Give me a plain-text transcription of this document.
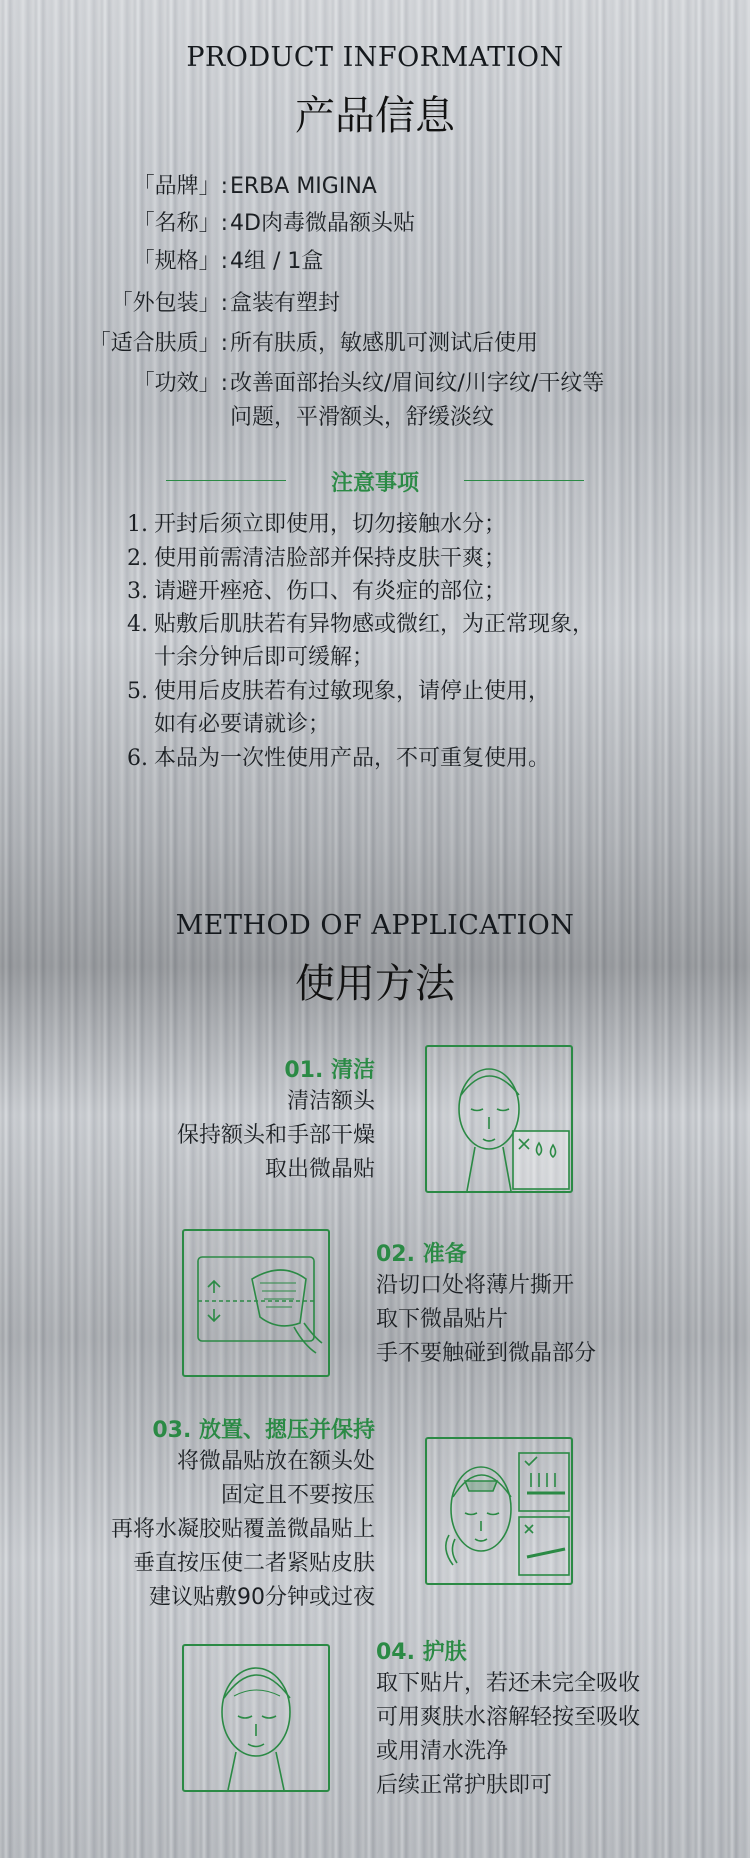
PRODUCT INFORMATION
产品信息
「品牌」: ERBA MIGINA
「名称」: 4D肉毒微晶额头贴
「规格」: 4组 / 1盒
「外包装」: 盒装有塑封
「适合肤质」: 所有肤质，敏感肌可测试后使用
「功效」: 改善面部抬头纹/眉间纹/川字纹/干纹等
问题，平滑额头，舒缓淡纹
注意事项
1. 开封后须立即使用，切勿接触水分；
2. 使用前需清洁脸部并保持皮肤干爽；
3. 请避开痤疮、伤口、有炎症的部位；
4. 贴敷后肌肤若有异物感或微红，为正常现象，
十余分钟后即可缓解；
5. 使用后皮肤若有过敏现象，请停止使用，
如有必要请就诊；
6. 本品为一次性使用产品，不可重复使用。
METHOD OF APPLICATION
使用方法
01. 清洁
清洁额头
保持额头和手部干燥
取出微晶贴
02. 准备
沿切口处将薄片撕开
取下微晶贴片
手不要触碰到微晶部分
03. 放置、摁压并保持
将微晶贴放在额头处
固定且不要按压
再将水凝胶贴覆盖微晶贴上
垂直按压使二者紧贴皮肤
建议贴敷90分钟或过夜
04. 护肤
取下贴片，若还未完全吸收
可用爽肤水溶解轻按至吸收
或用清水洗净
后续正常护肤即可
